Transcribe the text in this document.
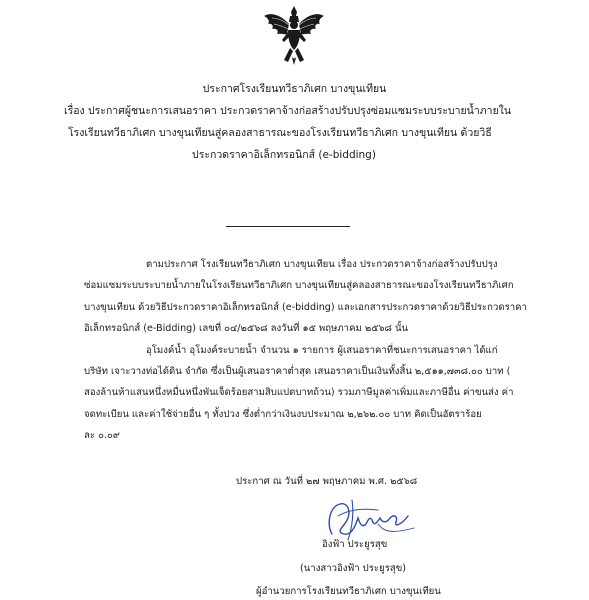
ประกาศโรงเรียนทวีธาภิเศก บางขุนเทียน
เรื่อง ประกาศผู้ชนะการเสนอราคา ประกวดราคาจ้างก่อสร้างปรับปรุงซ่อมแซมระบบระบายน้ำภายใน
โรงเรียนทวีธาภิเศก บางขุนเทียนสู่คลองสาธารณะของโรงเรียนทวีธาภิเศก บางขุนเทียน ด้วยวิธี
ประกวดราคาอิเล็กทรอนิกส์ (e-bidding)
ตามประกาศ โรงเรียนทวีธาภิเศก บางขุนเทียน เรื่อง ประกวดราคาจ้างก่อสร้างปรับปรุง
ซ่อมแซมระบบระบายน้ำภายในโรงเรียนทวีธาภิเศก บางขุนเทียนสู่คลองสาธารณะของโรงเรียนทวีธาภิเศก
บางขุนเทียน ด้วยวิธีประกวดราคาอิเล็กทรอนิกส์ (e-bidding) และเอกสารประกวดราคาด้วยวิธีประกวดราคา
อิเล็กทรอนิกส์ (e-Bidding) เลขที่ ๐๔/๒๕๖๘ ลงวันที่ ๑๕ พฤษภาคม ๒๕๖๘ นั้น
อุโมงค์น้ำ อุโมงค์ระบายน้ำ จำนวน ๑ รายการ ผู้เสนอราคาที่ชนะการเสนอราคา ได้แก่
บริษัท เจาะวางท่อได้ดิน จำกัด ซึ่งเป็นผู้เสนอราคาต่ำสุด เสนอราคาเป็นเงินทั้งสิ้น ๒,๕๑๑,๗๓๘.๐๐ บาท (
สองล้านห้าแสนหนึ่งหมื่นหนึ่งพันเจ็ดร้อยสามสิบแปดบาทถ้วน) รวมภาษีมูลค่าเพิ่มและภาษีอื่น ค่าขนส่ง ค่า
จดทะเบียน และค่าใช้จ่ายอื่น ๆ ทั้งปวง ซึ่งต่ำกว่าเงินงบประมาณ ๒,๒๖๒.๐๐ บาท คิดเป็นอัตราร้อย
ละ ๐.๐๙
ประกาศ ณ วันที่ ๒๗ พฤษภาคม พ.ศ. ๒๕๖๘
อิงฟ้า ประยูรสุข
(นางสาวอิงฟ้า ประยูรสุข)
ผู้อำนวยการโรงเรียนทวีธาภิเศก บางขุนเทียน
